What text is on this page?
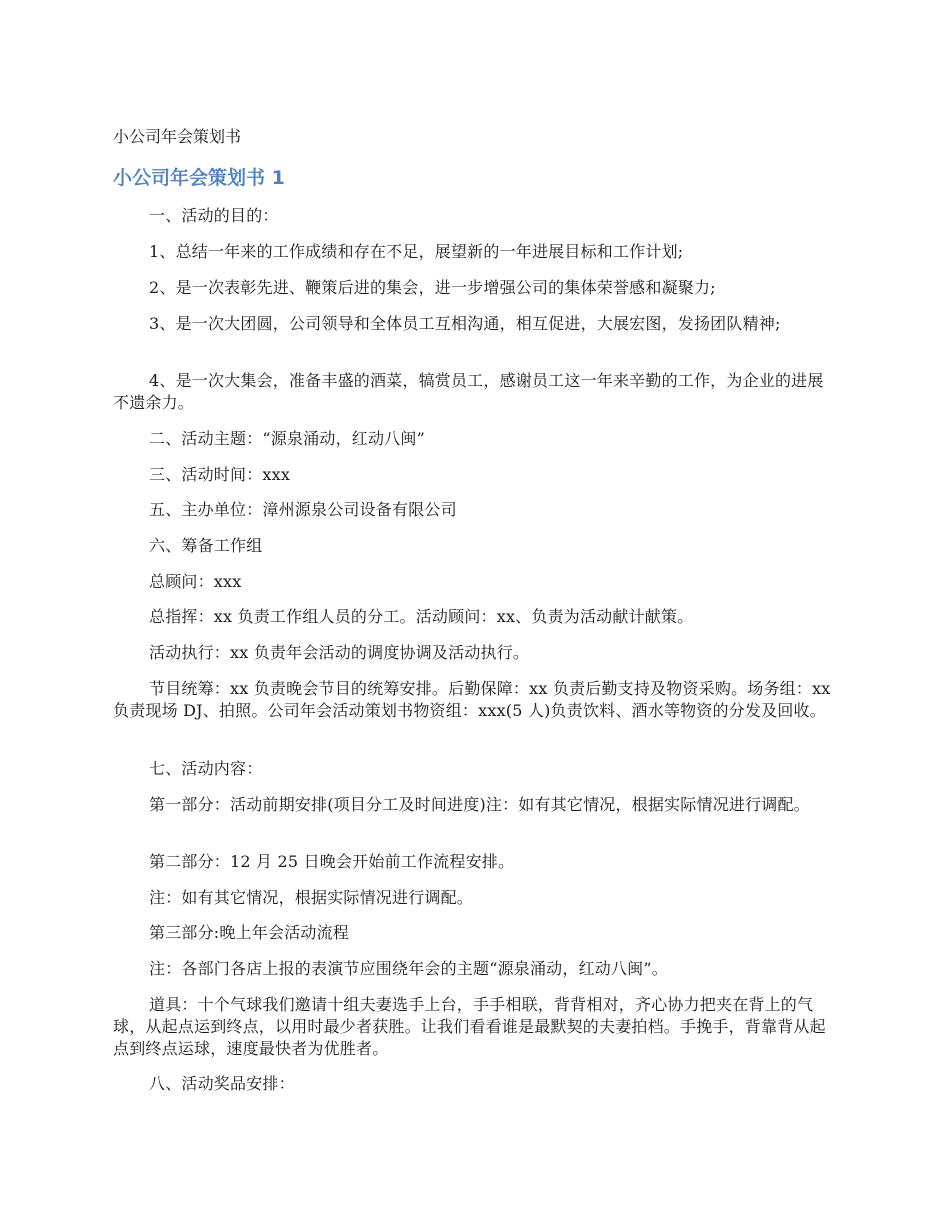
小公司年会策划书

小公司年会策划书 1

一、活动的目的：

1、总结一年来的工作成绩和存在不足，展望新的一年进展目标和工作计划;

2、是一次表彰先进、鞭策后进的集会，进一步增强公司的集体荣誉感和凝聚力;

3、是一次大团圆，公司领导和全体员工互相沟通，相互促进，大展宏图，发扬团队精神;

4、是一次大集会，准备丰盛的酒菜，犒赏员工，感谢员工这一年来辛勤的工作，为企业的进展不遗余力。

二、活动主题：“源泉涌动，红动八闽”

三、活动时间：xxx

五、主办单位：漳州源泉公司设备有限公司

六、筹备工作组

总顾问：xxx

总指挥：xx 负责工作组人员的分工。活动顾问：xx、负责为活动献计献策。

活动执行：xx 负责年会活动的调度协调及活动执行。

节目统筹：xx 负责晚会节目的统筹安排。后勤保障：xx 负责后勤支持及物资采购。场务组：xx 负责现场 DJ、拍照。公司年会活动策划书物资组：xxx(5 人)负责饮料、酒水等物资的分发及回收。

七、活动内容：

第一部分：活动前期安排(项目分工及时间进度)注：如有其它情况，根据实际情况进行调配。

第二部分：12 月 25 日晚会开始前工作流程安排。

注：如有其它情况，根据实际情况进行调配。

第三部分:晚上年会活动流程

注：各部门各店上报的表演节应围绕年会的主题“源泉涌动，红动八闽”。

道具：十个气球我们邀请十组夫妻选手上台，手手相联，背背相对，齐心协力把夹在背上的气球，从起点运到终点，以用时最少者获胜。让我们看看谁是最默契的夫妻拍档。手挽手，背靠背从起点到终点运球，速度最快者为优胜者。

八、活动奖品安排：
